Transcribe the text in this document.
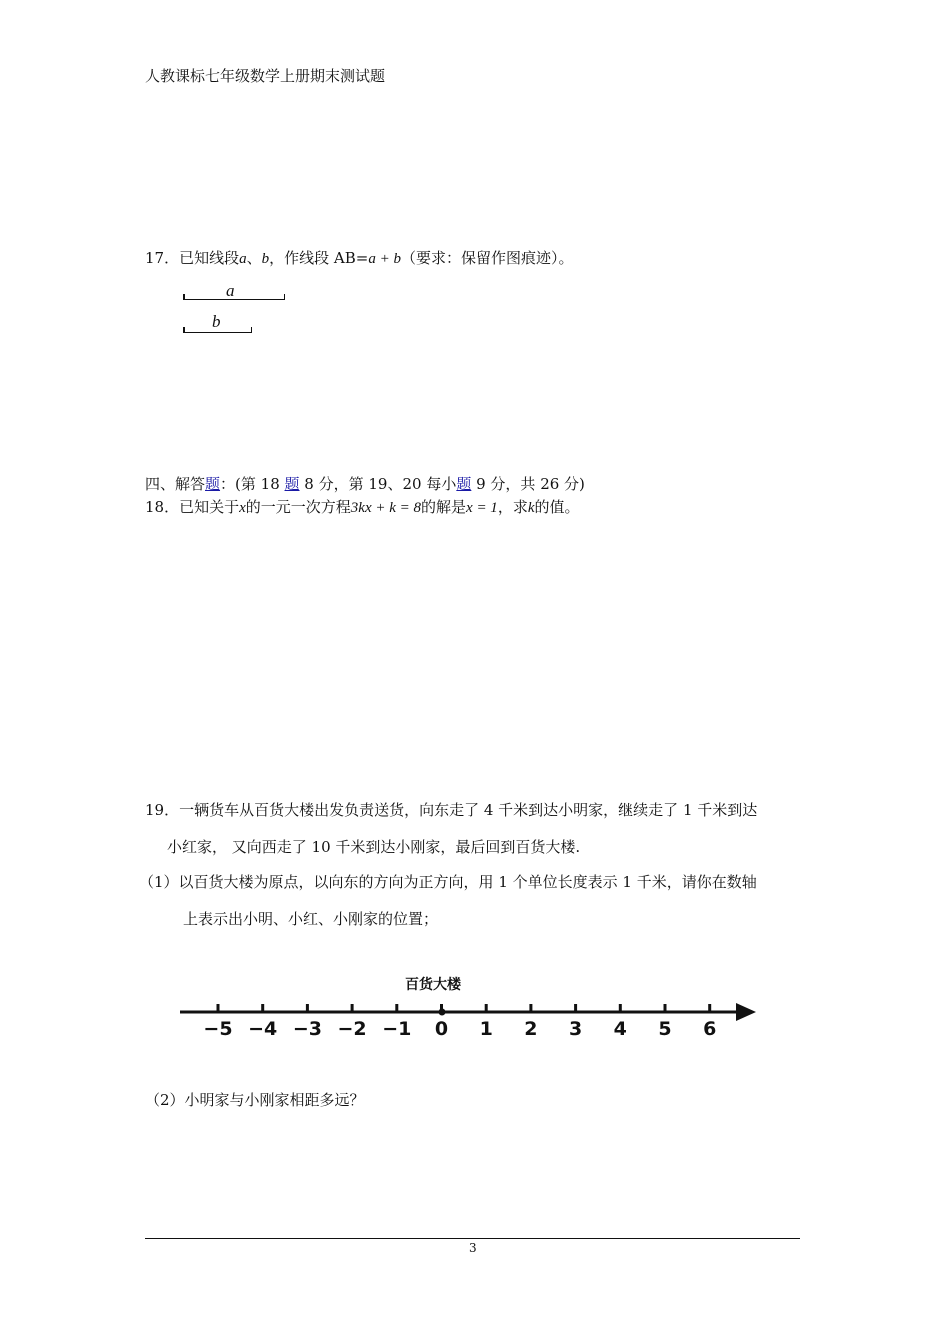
人教课标七年级数学上册期末测试题
17．已知线段a、b，作线段 AB=a + b（要求：保留作图痕迹）。
a
b
四、解答题：(第 18 题 8 分，第 19、20 每小题 9 分，共 26 分)
18．已知关于x的一元一次方程3kx + k = 8的解是x = 1，求k的值。
19．一辆货车从百货大楼出发负责送货，向东走了 4 千米到达小明家，继续走了 1 千米到达
小红家， 又向西走了 10 千米到达小刚家，最后回到百货大楼.
（1）以百货大楼为原点，以向东的方向为正方向，用 1 个单位长度表示 1 千米，请你在数轴
上表示出小明、小红、小刚家的位置；
百货大楼
−5 −4 −3 −2 −1 0 1 2 3 4 5 6
（2）小明家与小刚家相距多远？
3
